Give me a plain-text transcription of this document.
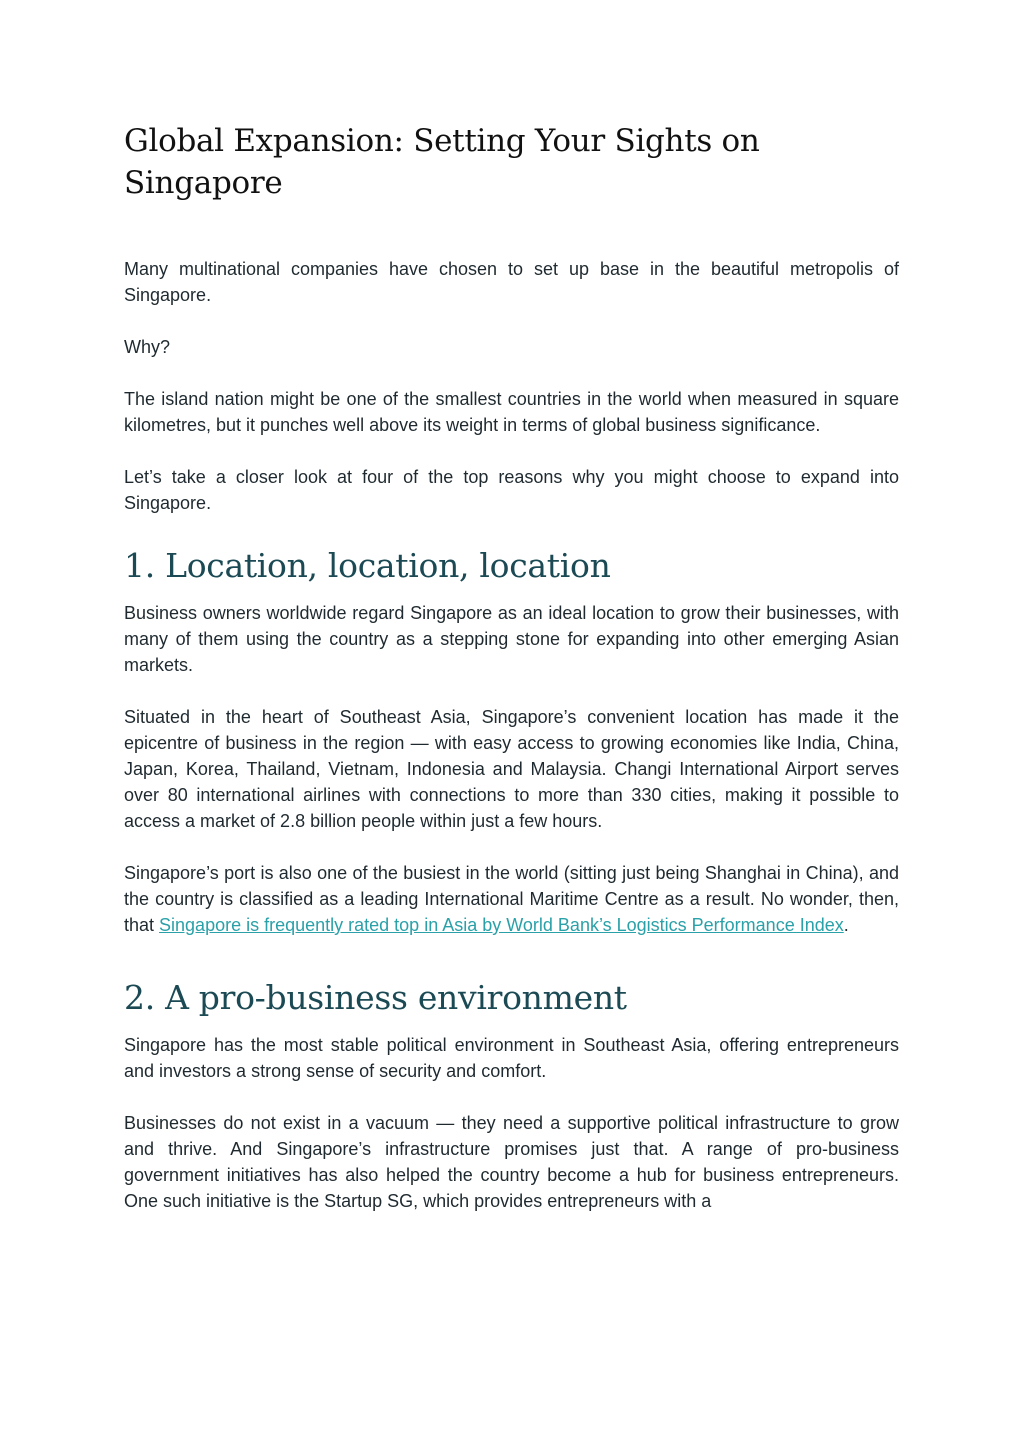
Global Expansion: Setting Your Sights on Singapore

Many multinational companies have chosen to set up base in the beautiful metropolis of Singapore.

Why?

The island nation might be one of the smallest countries in the world when measured in square kilometres, but it punches well above its weight in terms of global business significance.

Let’s take a closer look at four of the top reasons why you might choose to expand into Singapore.

1. Location, location, location

Business owners worldwide regard Singapore as an ideal location to grow their businesses, with many of them using the country as a stepping stone for expanding into other emerging Asian markets.

Situated in the heart of Southeast Asia, Singapore’s convenient location has made it the epicentre of business in the region — with easy access to growing economies like India, China, Japan, Korea, Thailand, Vietnam, Indonesia and Malaysia. Changi International Airport serves over 80 international airlines with connections to more than 330 cities, making it possible to access a market of 2.8 billion people within just a few hours.

Singapore’s port is also one of the busiest in the world (sitting just being Shanghai in China), and the country is classified as a leading International Maritime Centre as a result. No wonder, then, that Singapore is frequently rated top in Asia by World Bank’s Logistics Performance Index.

2. A pro-business environment

Singapore has the most stable political environment in Southeast Asia, offering entrepreneurs and investors a strong sense of security and comfort.

Businesses do not exist in a vacuum — they need a supportive political infrastructure to grow and thrive. And Singapore’s infrastructure promises just that. A range of pro-business government initiatives has also helped the country become a hub for business entrepreneurs. One such initiative is the Startup SG, which provides entrepreneurs with a
